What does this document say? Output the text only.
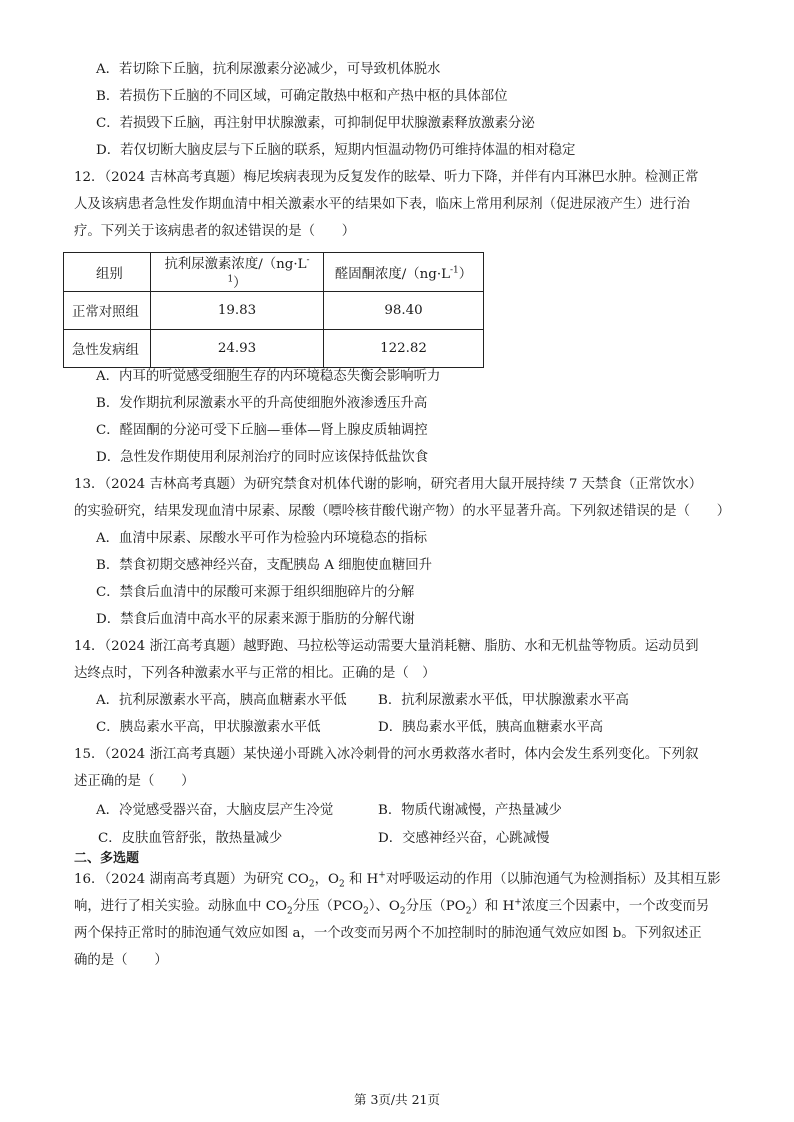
A．若切除下丘脑，抗利尿激素分泌减少，可导致机体脱水
B．若损伤下丘脑的不同区域，可确定散热中枢和产热中枢的具体部位
C．若损毁下丘脑，再注射甲状腺激素，可抑制促甲状腺激素释放激素分泌
D．若仅切断大脑皮层与下丘脑的联系，短期内恒温动物仍可维持体温的相对稳定
12．（2024 吉林高考真题）梅尼埃病表现为反复发作的眩晕、听力下降，并伴有内耳淋巴水肿。检测正常
人及该病患者急性发作期血清中相关激素水平的结果如下表，临床上常用利尿剂（促进尿液产生）进行治
疗。下列关于该病患者的叙述错误的是（　　）
组别	抗利尿激素浓度$/(ng\cdot L^{-1})$	醛固酮浓度$/(ng\cdot L^{-1})$
正常对照组	19.83	98.40
急性发病组	24.93	122.82
A．内耳的听觉感受细胞生存的内环境稳态失衡会影响听力
B．发作期抗利尿激素水平的升高使细胞外液渗透压升高
C．醛固酮的分泌可受下丘脑—垂体—肾上腺皮质轴调控
D．急性发作期使用利尿剂治疗的同时应该保持低盐饮食
13．（2024 吉林高考真题）为研究禁食对机体代谢的影响，研究者用大鼠开展持续 7 天禁食（正常饮水）
的实验研究，结果发现血清中尿素、尿酸（嘌呤核苷酸代谢产物）的水平显著升高。下列叙述错误的是（　　）
A．血清中尿素、尿酸水平可作为检验内环境稳态的指标
B．禁食初期交感神经兴奋，支配胰岛 A 细胞使血糖回升
C．禁食后血清中的尿酸可来源于组织细胞碎片的分解
D．禁食后血清中高水平的尿素来源于脂肪的分解代谢
14．（2024 浙江高考真题）越野跑、马拉松等运动需要大量消耗糖、脂肪、水和无机盐等物质。运动员到
达终点时，下列各种激素水平与正常的相比。正确的是（　）
A．抗利尿激素水平高，胰高血糖素水平低 B．抗利尿激素水平低，甲状腺激素水平高
C．胰岛素水平高，甲状腺激素水平低	D．胰岛素水平低，胰高血糖素水平高
15．（2024 浙江高考真题）某快递小哥跳入冰冷刺骨的河水勇救落水者时，体内会发生系列变化。下列叙
述正确的是（　　）
A．冷觉感受器兴奋，大脑皮层产生冷觉	B．物质代谢减慢，产热量减少
C．皮肤血管舒张，散热量减少	D．交感神经兴奋，心跳减慢
二、多选题
16．（2024 湖南高考真题）为研究 $CO_2$，$O_2$ 和 H+对呼吸运动的作用（以肺泡通气为检测指标）及其相互影
响，进行了相关实验。动脉血中 $CO_2$分压$(PCO_2)$、$O_2$分压$(PO_2)$和 H+浓度三个因素中，一个改变而另
两个保持正常时的肺泡通气效应如图 a，一个改变而另两个不加控制时的肺泡通气效应如图 b。下列叙述正
确的是（　　）
第 3页/共 21页
